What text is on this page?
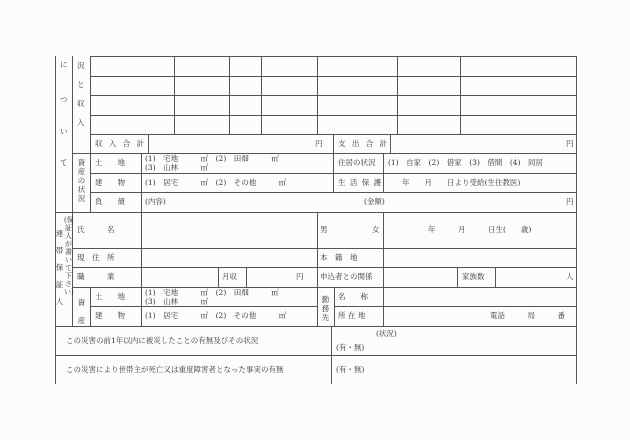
に
つ
い
て
況
と
収
入
収 入 合 計	円 支 出 合 計	円
資産の状況
土　　地	(1)　宅地　　　㎡　(2)　田畑　　　㎡
(3)　山林　　　㎡
住居の状況 (1)　自家　(2)　借家　(3)　借間　(4)　同居
建　　物	(1)　居宅　　　㎡　(2)　その他　　　㎡	生 活 保 護	年　　月　　日より受給(生住教医)
負　　債	(内容)	(金額)	円
連帯保証人
(保証人が書いて下さい)
氏　　　名	男	女	年　　　月　　　日生(　　歳)
現　住　所	本　籍　地
職　　　業	月収	円 申込者との関係	家族数	人
資産
土　　地	(1)　宅地　　　㎡　(2)　田畑　　　㎡
(3)　山林　　　㎡
建　　物	(1)　居宅　　　㎡　(2)　その他　　　㎡
勤務先
名　　称
所 在 地	電話　　　局　　　番
この災害の前1年以内に被災したことの有無及びその状況
(状況)
(有・無)
この災害により世帯主が死亡又は重度障害者となった事実の有無	(有・無)
